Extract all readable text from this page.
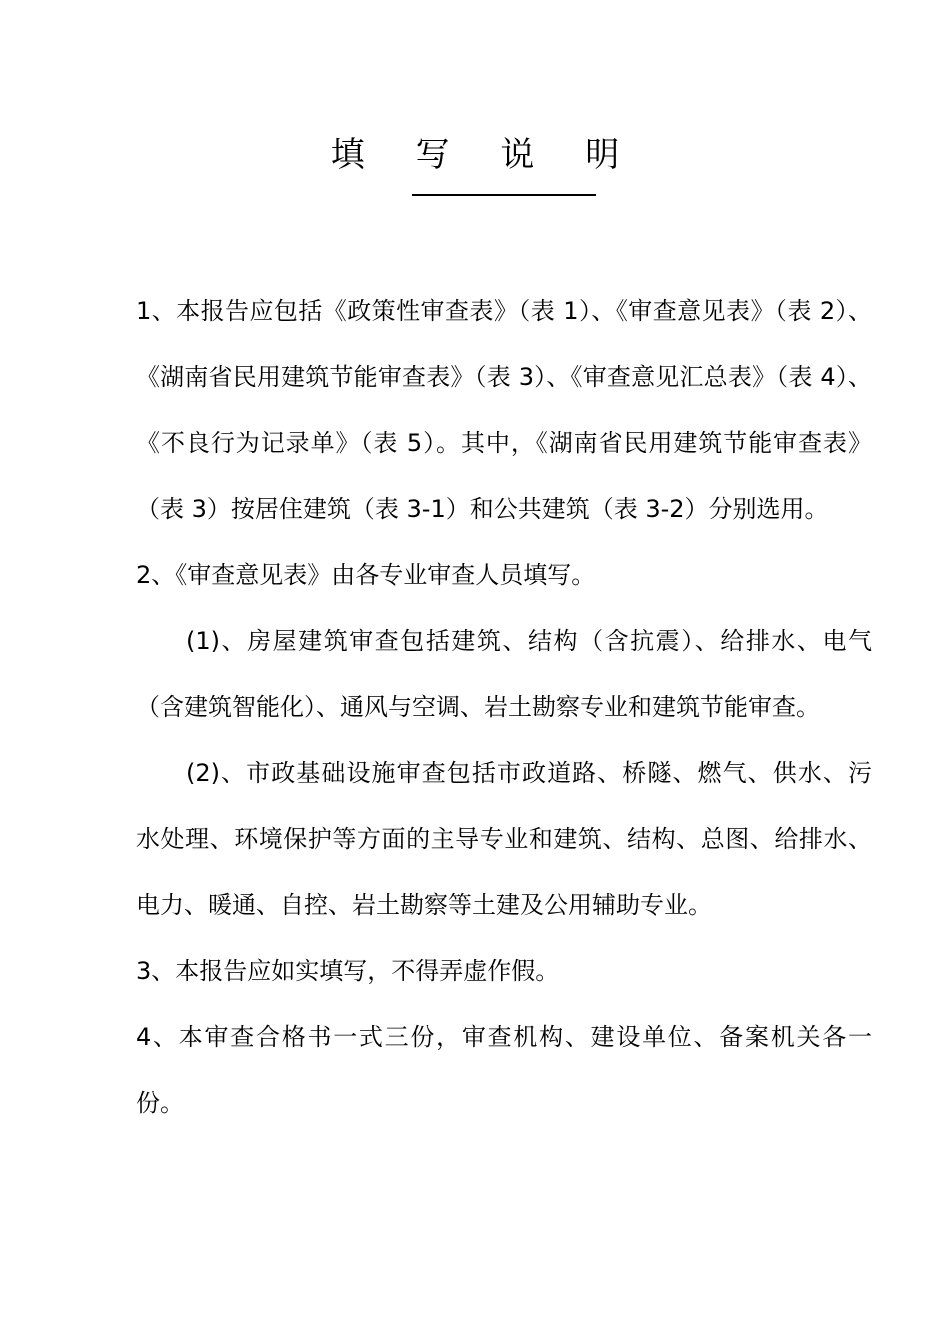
填 写 说 明
1、本报告应包括《政策性审查表》（表 1）、《审查意见表》（表 2）、
《湖南省民用建筑节能审查表》（表 3）、《审查意见汇总表》（表 4）、
《不良行为记录单》（表 5）。其中，《湖南省民用建筑节能审查表》
（表 3）按居住建筑（表 3-1）和公共建筑（表 3-2）分别选用。
2、《审查意见表》由各专业审查人员填写。
(1)、房屋建筑审查包括建筑、结构（含抗震）、给排水、电气
（含建筑智能化）、通风与空调、岩土勘察专业和建筑节能审查。
(2)、市政基础设施审查包括市政道路、桥隧、燃气、供水、污
水处理、环境保护等方面的主导专业和建筑、结构、总图、给排水、
电力、暖通、自控、岩土勘察等土建及公用辅助专业。
3、本报告应如实填写，不得弄虚作假。
4、本审查合格书一式三份，审查机构、建设单位、备案机关各一
份。
